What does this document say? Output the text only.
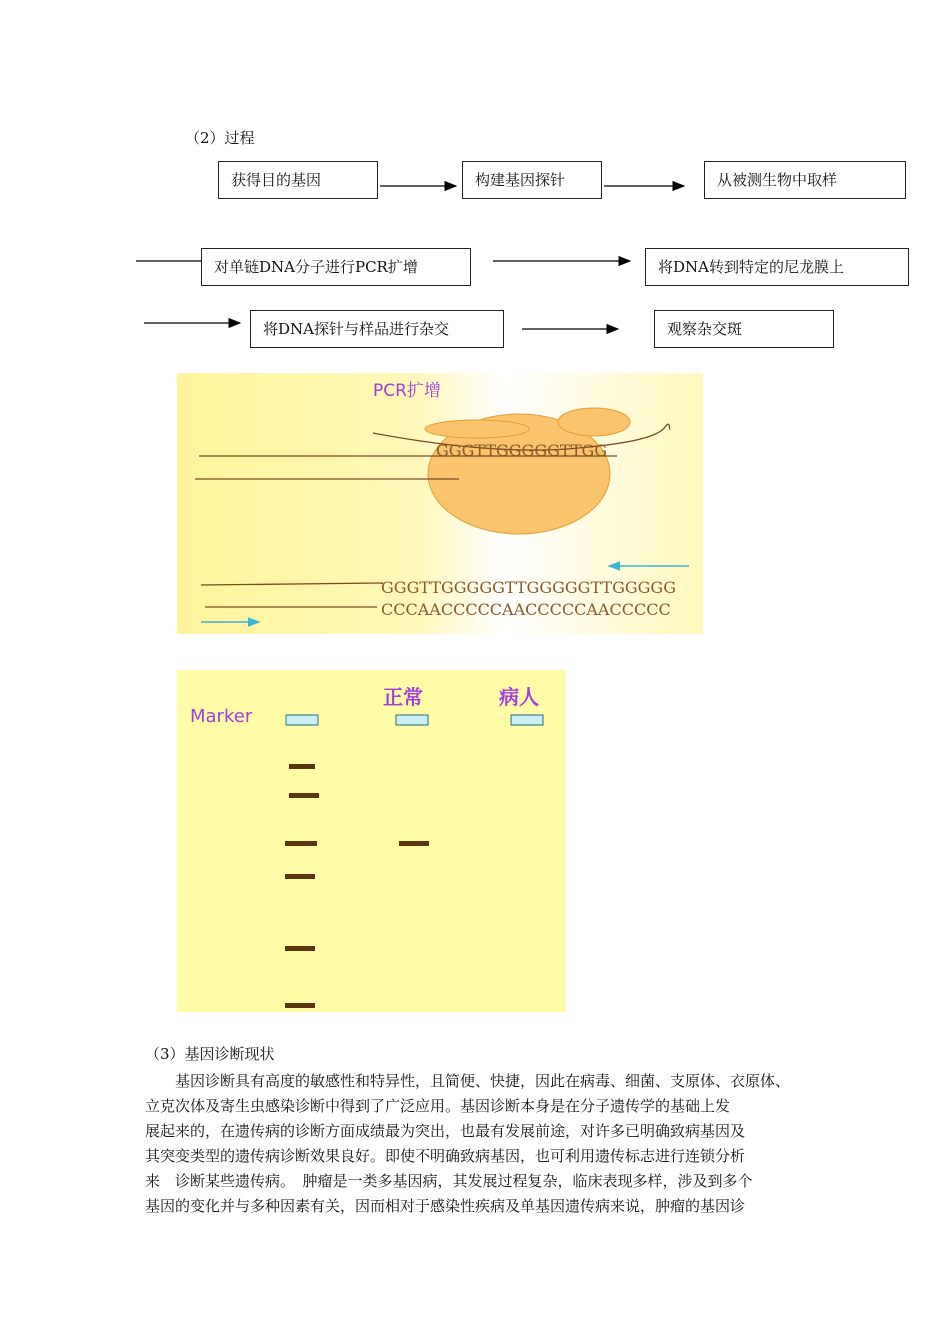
（2）过程
获得目的基因	构建基因探针	从被测生物中取样
对单链DNA分子进行PCR扩增	将DNA转到特定的尼龙膜上
将DNA探针与样品进行杂交	观察杂交斑
PCR扩增
GGGTTGGGGGTTGG
GGGTTGGGGGTTGGGGGTTGGGGG
CCCAACCCCCAACCCCCAACCCCC
Marker
正常	病人
（3）基因诊断现状
基因诊断具有高度的敏感性和特异性，且简便、快捷，因此在病毒、细菌、支原体、衣原体、
立克次体及寄生虫感染诊断中得到了广泛应用。基因诊断本身是在分子遗传学的基础上发
展起来的，在遗传病的诊断方面成绩最为突出，也最有发展前途，对许多已明确致病基因及
其突变类型的遗传病诊断效果良好。即使不明确致病基因，也可利用遗传标志进行连锁分析
来　诊断某些遗传病。　肿瘤是一类多基因病，其发展过程复杂，临床表现多样，涉及到多个
基因的变化并与多种因素有关，因而相对于感染性疾病及单基因遗传病来说，肿瘤的基因诊
